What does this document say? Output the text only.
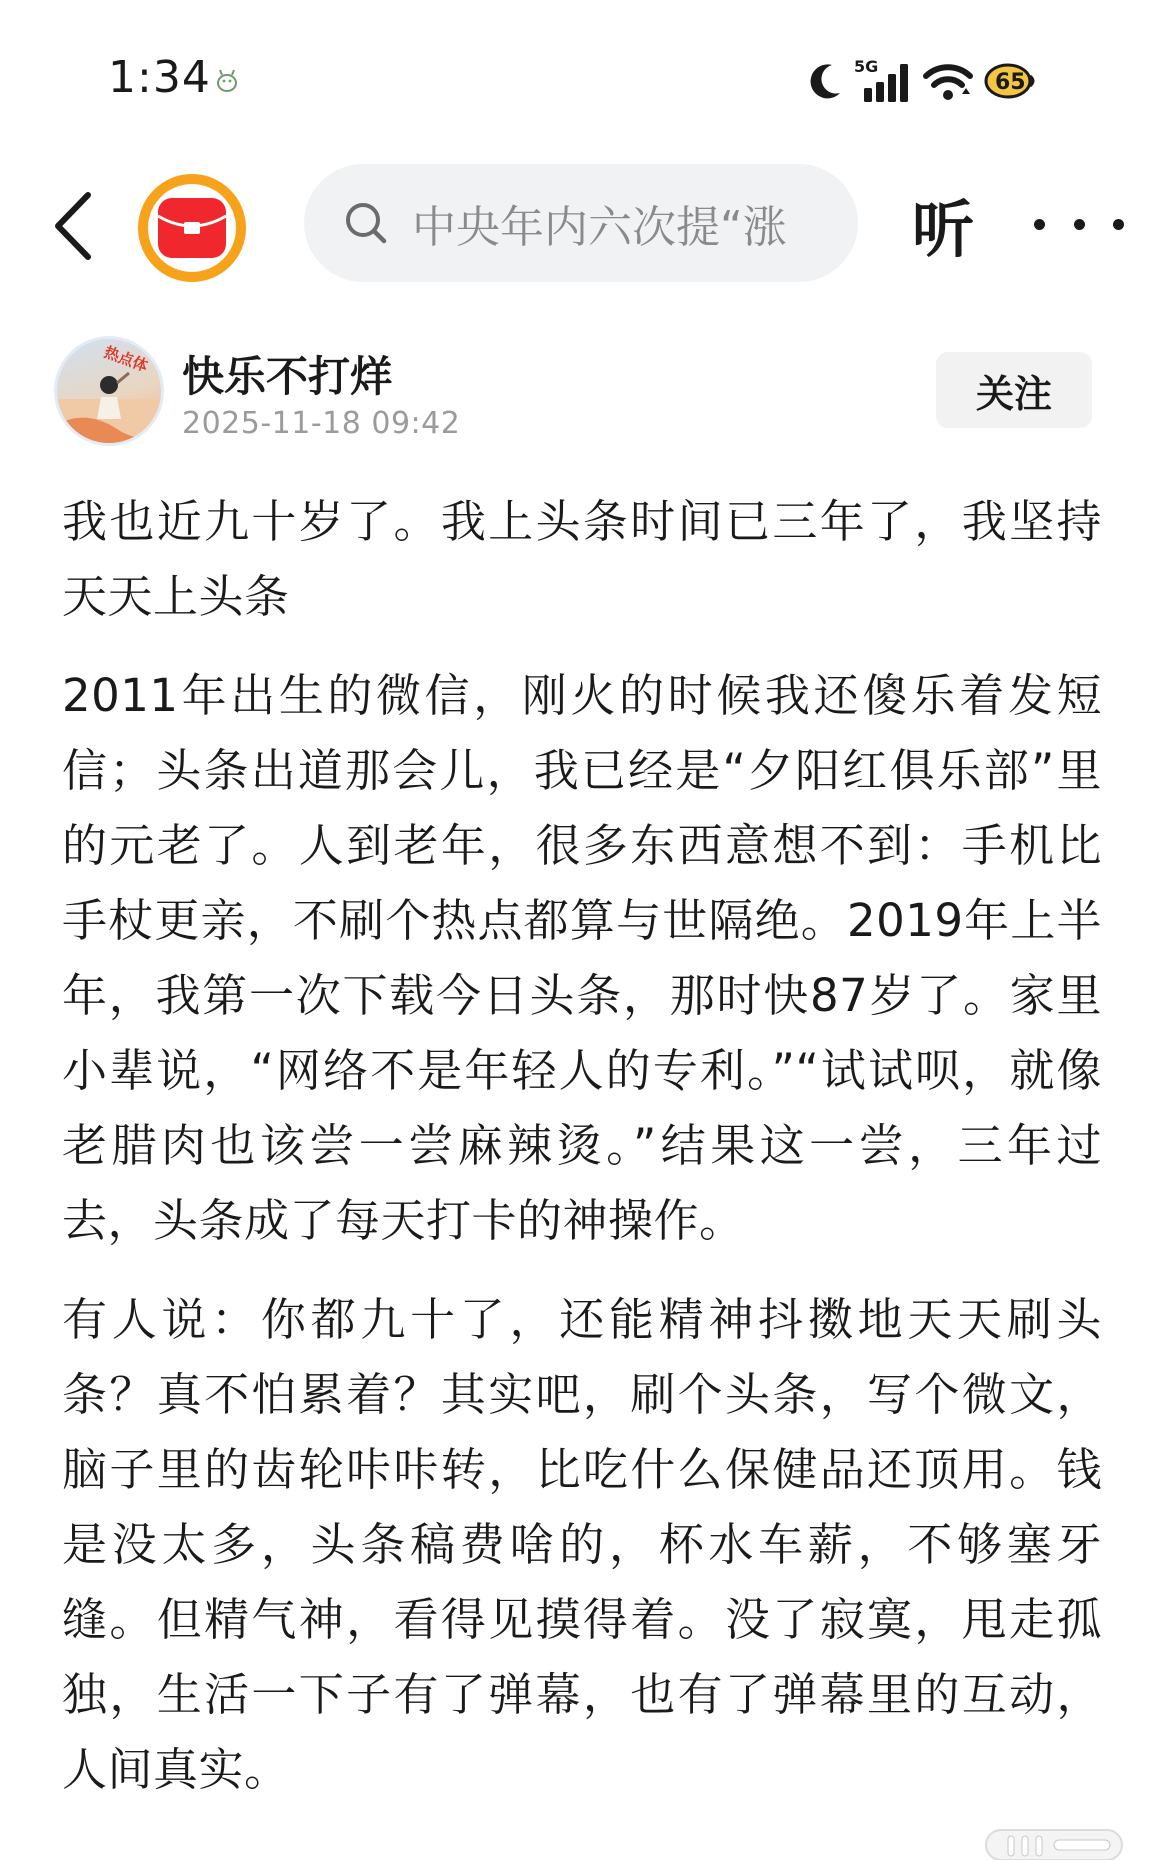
1:34	5G
65
中央年内六次提“涨	听
热点体 快乐不打烊
2025-11-18 09:42
关注

我也近九十岁了。我上头条时间已三年了，我坚持天天上头条

2011年出生的微信，刚火的时候我还傻乐着发短信；头条出道那会儿，我已经是“夕阳红俱乐部”里的元老了。人到老年，很多东西意想不到：手机比手杖更亲，不刷个热点都算与世隔绝。2019年上半年，我第一次下载今日头条，那时快87岁了。家里小辈说，“网络不是年轻人的专利。”“试试呗，就像老腊肉也该尝一尝麻辣烫。”结果这一尝，三年过去，头条成了每天打卡的神操作。

有人说：你都九十了，还能精神抖擞地天天刷头条？真不怕累着？其实吧，刷个头条，写个微文，脑子里的齿轮咔咔转，比吃什么保健品还顶用。钱是没太多，头条稿费啥的，杯水车薪，不够塞牙缝。但精气神，看得见摸得着。没了寂寞，甩走孤独，生活一下子有了弹幕，也有了弹幕里的互动，人间真实。
